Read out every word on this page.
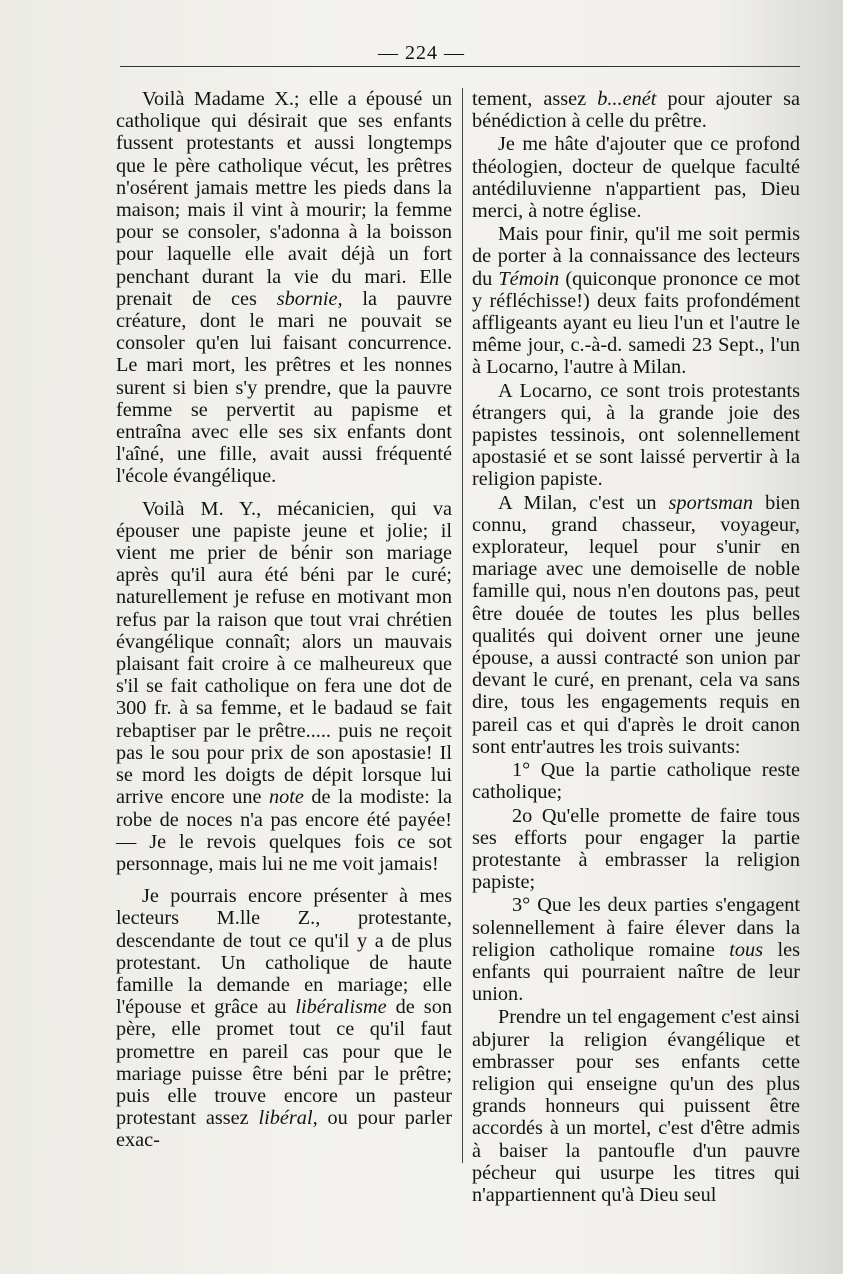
— 224 —

Voilà Madame X.; elle a épousé un catholique qui désirait que ses enfants fussent protestants et aussi longtemps que le père catholique vécut, les prêtres n'osérent jamais mettre les pieds dans la maison; mais il vint à mourir; la femme pour se consoler, s'adonna à la boisson pour laquelle elle avait déjà un fort penchant durant la vie du mari. Elle prenait de ces sbornie, la pauvre créature, dont le mari ne pouvait se consoler qu'en lui faisant concurrence. Le mari mort, les prêtres et les nonnes surent si bien s'y prendre, que la pauvre femme se pervertit au papisme et entraîna avec elle ses six enfants dont l'aîné, une fille, avait aussi fréquenté l'école évangélique.

Voilà M. Y., mécanicien, qui va épouser une papiste jeune et jolie; il vient me prier de bénir son mariage après qu'il aura été béni par le curé; naturellement je refuse en motivant mon refus par la raison que tout vrai chrétien évangélique connaît; alors un mauvais plaisant fait croire à ce malheureux que s'il se fait catholique on fera une dot de 300 fr. à sa femme, et le badaud se fait rebaptiser par le prêtre..... puis ne reçoit pas le sou pour prix de son apostasie! Il se mord les doigts de dépit lorsque lui arrive encore une note de la modiste: la robe de noces n'a pas encore été payée! — Je le revois quelques fois ce sot personnage, mais lui ne me voit jamais!

Je pourrais encore présenter à mes lecteurs M.lle Z., protestante, descendante de tout ce qu'il y a de plus protestant. Un catholique de haute famille la demande en mariage; elle l'épouse et grâce au libéralisme de son père, elle promet tout ce qu'il faut promettre en pareil cas pour que le mariage puisse être béni par le prêtre; puis elle trouve encore un pasteur protestant assez libéral, ou pour parler exac-

tement, assez b...enét pour ajouter sa bénédiction à celle du prêtre.

Je me hâte d'ajouter que ce profond théologien, docteur de quelque faculté antédiluvienne n'appartient pas, Dieu merci, à notre église.

Mais pour finir, qu'il me soit permis de porter à la connaissance des lecteurs du Témoin (quiconque prononce ce mot y réfléchisse!) deux faits profondément affligeants ayant eu lieu l'un et l'autre le même jour, c.-à-d. samedi 23 Sept., l'un à Locarno, l'autre à Milan.

A Locarno, ce sont trois protestants étrangers qui, à la grande joie des papistes tessinois, ont solennellement apostasié et se sont laissé pervertir à la religion papiste.

A Milan, c'est un sportsman bien connu, grand chasseur, voyageur, explorateur, lequel pour s'unir en mariage avec une demoiselle de noble famille qui, nous n'en doutons pas, peut être douée de toutes les plus belles qualités qui doivent orner une jeune épouse, a aussi contracté son union par devant le curé, en prenant, cela va sans dire, tous les engagements requis en pareil cas et qui d'après le droit canon sont entr'autres les trois suivants:

1° Que la partie catholique reste catholique;

2o Qu'elle promette de faire tous ses efforts pour engager la partie protestante à embrasser la religion papiste;

3° Que les deux parties s'engagent solennellement à faire élever dans la religion catholique romaine tous les enfants qui pourraient naître de leur union.

Prendre un tel engagement c'est ainsi abjurer la religion évangélique et embrasser pour ses enfants cette religion qui enseigne qu'un des plus grands honneurs qui puissent être accordés à un mortel, c'est d'être admis à baiser la pantoufle d'un pauvre pécheur qui usurpe les titres qui n'appartiennent qu'à Dieu seul
